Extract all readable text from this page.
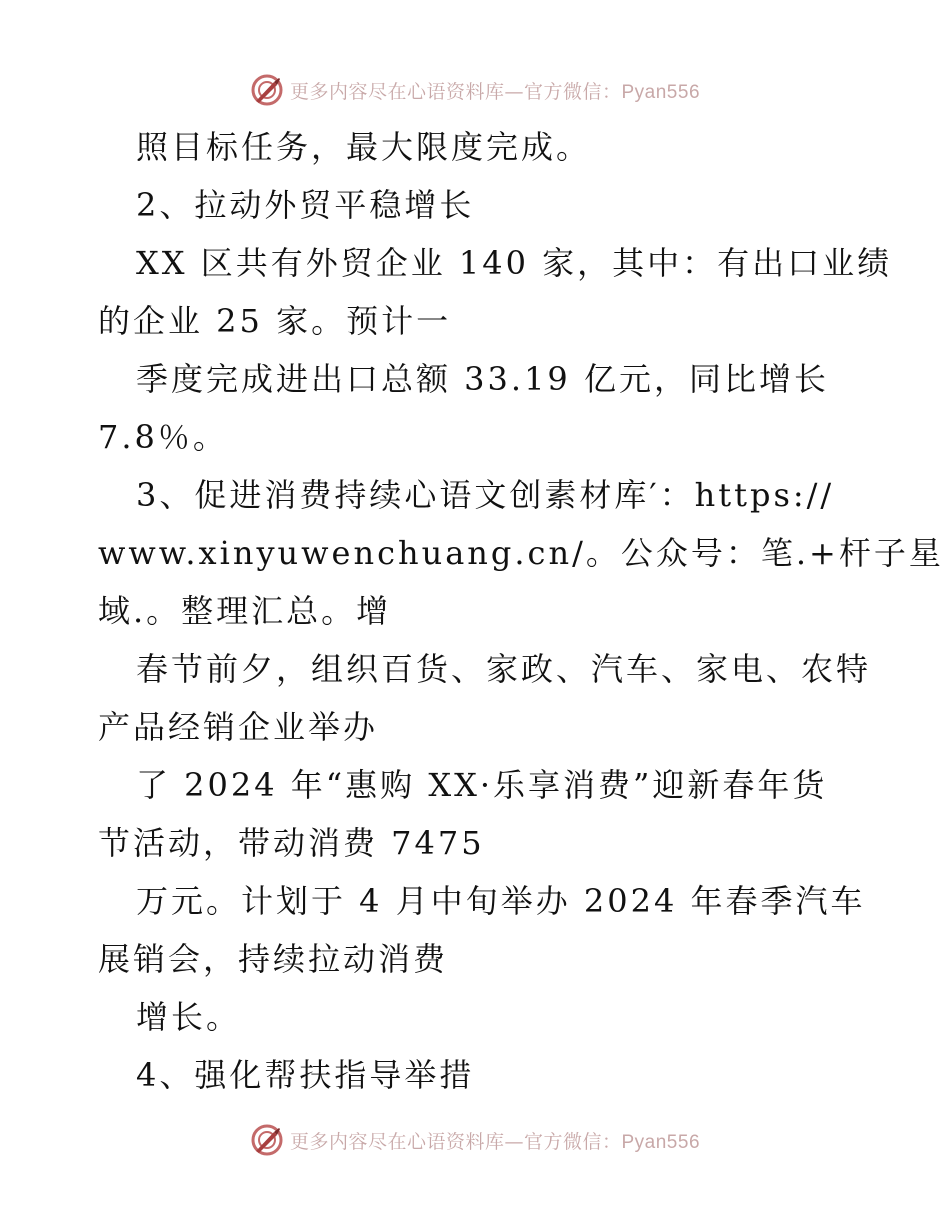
更多内容尽在心语资料库—官方微信：Pyan556
照目标任务，最大限度完成。
2、拉动外贸平稳增长
XX 区共有外贸企业 140 家，其中：有出口业绩
的企业 25 家。预计一
季度完成进出口总额 33.19 亿元，同比增长
7.8％。
3、促进消费持续心语文创素材库′：https://
www.xinyuwenchuang.cn/。公众号：笔.+杆子星
域.。整理汇总。增
春节前夕，组织百货、家政、汽车、家电、农特
产品经销企业举办
了 2024 年“惠购 XX·乐享消费”迎新春年货
节活动，带动消费 7475
万元。计划于 4 月中旬举办 2024 年春季汽车
展销会，持续拉动消费
增长。
4、强化帮扶指导举措
更多内容尽在心语资料库—官方微信：Pyan556
